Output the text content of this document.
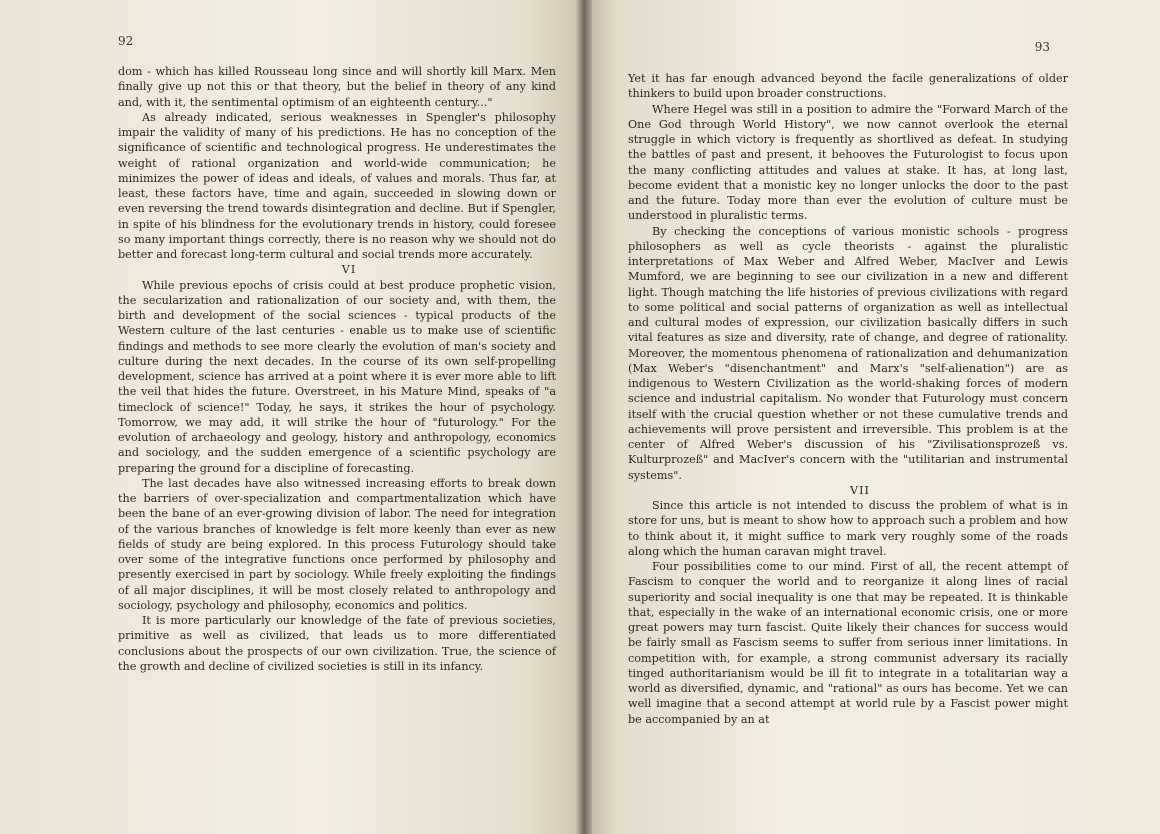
92

dom - which has killed Rousseau long since and will shortly kill Marx. Men finally give up not this or that theory, but the belief in theory of any kind and, with it, the sentimental optimism of an eighteenth century..."

As already indicated, serious weaknesses in Spengler's philosophy impair the validity of many of his predictions. He has no conception of the significance of scientific and technological progress. He underestimates the weight of rational organization and world-wide communication; he minimizes the power of ideas and ideals, of values and morals. Thus far, at least, these factors have, time and again, succeeded in slowing down or even reversing the trend towards disintegration and decline. But if Spengler, in spite of his blindness for the evolutionary trends in history, could foresee so many important things correctly, there is no reason why we should not do better and forecast long-term cultural and social trends more accurately.

VI

While previous epochs of crisis could at best produce prophetic vision, the secularization and rationalization of our society and, with them, the birth and development of the social sciences - typical products of the Western culture of the last centuries - enable us to make use of scientific findings and methods to see more clearly the evolution of man's society and culture during the next decades. In the course of its own self-propelling development, science has arrived at a point where it is ever more able to lift the veil that hides the future. Overstreet, in his Mature Mind, speaks of "a timeclock of science!" Today, he says, it strikes the hour of psychology. Tomorrow, we may add, it will strike the hour of "futurology." For the evolution of archaeology and geology, history and anthropology, economics and sociology, and the sudden emergence of a scientific psychology are preparing the ground for a discipline of forecasting.

The last decades have also witnessed increasing efforts to break down the barriers of over-specialization and compartmentalization which have been the bane of an ever-growing division of labor. The need for integration of the various branches of knowledge is felt more keenly than ever as new fields of study are being explored. In this process Futurology should take over some of the integrative functions once performed by philosophy and presently exercised in part by sociology. While freely exploiting the findings of all major disciplines, it will be most closely related to anthropology and sociology, psychology and philosophy, economics and politics.

It is more particularly our knowledge of the fate of previous societies, primitive as well as civilized, that leads us to more differentiated conclusions about the prospects of our own civilization. True, the science of the growth and decline of civilized societies is still in its infancy.

93

Yet it has far enough advanced beyond the facile generalizations of older thinkers to build upon broader constructions.

Where Hegel was still in a position to admire the "Forward March of the One God through World History", we now cannot overlook the eternal struggle in which victory is frequently as shortlived as defeat. In studying the battles of past and present, it behooves the Futurologist to focus upon the many conflicting attitudes and values at stake. It has, at long last, become evident that a monistic key no longer unlocks the door to the past and the future. Today more than ever the evolution of culture must be understood in pluralistic terms.

By checking the conceptions of various monistic schools - progress philosophers as well as cycle theorists - against the pluralistic interpretations of Max Weber and Alfred Weber, MacIver and Lewis Mumford, we are beginning to see our civilization in a new and different light. Though matching the life histories of previous civilizations with regard to some political and social patterns of organization as well as intellectual and cultural modes of expression, our civilization basically differs in such vital features as size and diversity, rate of change, and degree of rationality. Moreover, the momentous phenomena of rationalization and dehumanization (Max Weber's "disenchantment" and Marx's "self-alienation") are as indigenous to Western Civilization as the world-shaking forces of modern science and industrial capitalism. No wonder that Futurology must concern itself with the crucial question whether or not these cumulative trends and achievements will prove persistent and irreversible. This problem is at the center of Alfred Weber's discussion of his "Zivilisationsprozeß vs. Kulturprozeß" and MacIver's concern with the "utilitarian and instrumental systems".

VII

Since this article is not intended to discuss the problem of what is in store for uns, but is meant to show how to approach such a problem and how to think about it, it might suffice to mark very roughly some of the roads along which the human caravan might travel.

Four possibilities come to our mind. First of all, the recent attempt of Fascism to conquer the world and to reorganize it along lines of racial superiority and social inequality is one that may be repeated. It is thinkable that, especially in the wake of an international economic crisis, one or more great powers may turn fascist. Quite likely their chances for success would be fairly small as Fascism seems to suffer from serious inner limitations. In competition with, for example, a strong communist adversary its racially tinged authoritarianism would be ill fit to integrate in a totalitarian way a world as diversified, dynamic, and "rational" as ours has become. Yet we can well imagine that a second attempt at world rule by a Fascist power might be accompanied by an at
